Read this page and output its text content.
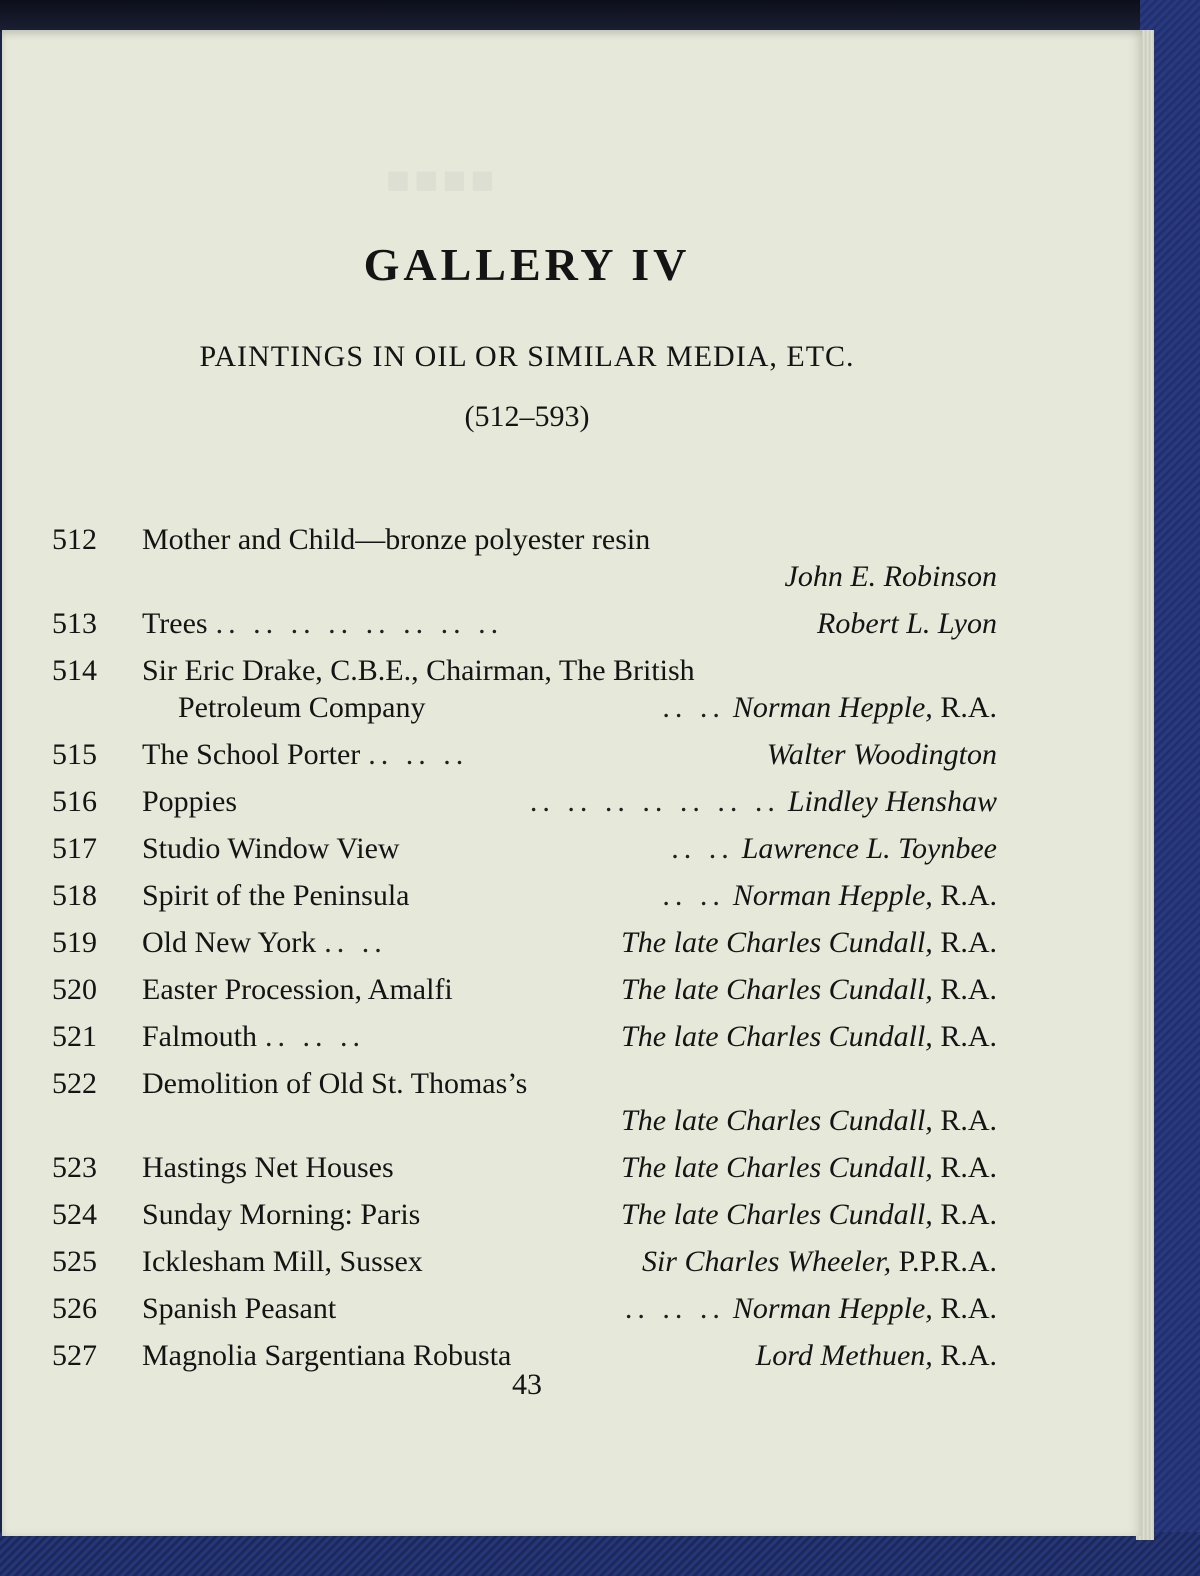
GALLERY IV
PAINTINGS IN OIL OR SIMILAR MEDIA, ETC.
(512–593)
512	Mother and Child—bronze polyester resin
John E. Robinson
513	Trees .. .. .. .. .. .. .. ..	Robert L. Lyon
514	Sir Eric Drake, C.B.E., Chairman, The British
Petroleum Company	.. .. Norman Hepple, R.A.
515	The School Porter .. .. ..	Walter Woodington
516	Poppies	.. .. .. .. .. .. .. Lindley Henshaw
517	Studio Window View	.. .. Lawrence L. Toynbee
518	Spirit of the Peninsula	.. .. Norman Hepple, R.A.
519	Old New York .. ..	The late Charles Cundall, R.A.
520	Easter Procession, Amalfi	The late Charles Cundall, R.A.
521	Falmouth .. .. ..	The late Charles Cundall, R.A.
522	Demolition of Old St. Thomas’s
The late Charles Cundall, R.A.
523	Hastings Net Houses	The late Charles Cundall, R.A.
524	Sunday Morning: Paris	The late Charles Cundall, R.A.
525	Icklesham Mill, Sussex	Sir Charles Wheeler, P.P.R.A.
526	Spanish Peasant	.. .. .. Norman Hepple, R.A.
527	Magnolia Sargentiana Robusta	Lord Methuen, R.A.
43
